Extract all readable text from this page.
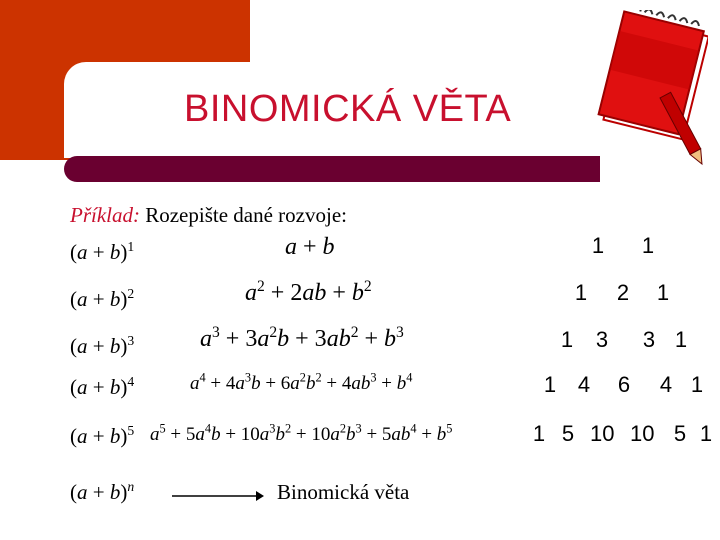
BINOMICKÁ VĚTA
Příklad: Rozepište dané rozvoje:
$(a + b)^1$
$(a + b)^2$
$(a + b)^3$
$(a + b)^4$
$(a + b)^5$
$(a + b)^n$
a + b
$a^2 + 2ab + b^2$
$a^3 + 3a^2b + 3ab^2 + b^3$
$a^4 + 4a^3b + 6a^2b^2 + 4ab^3 + b^4$
$a^5 + 5a^4b + 10a^3b^2 + 10a^2b^3 + 5ab^4 + b^5$
Binomická věta
1 1
1 2 1
1 3 3 1
1 4 6 4 1
1 5 10 10 5 1
